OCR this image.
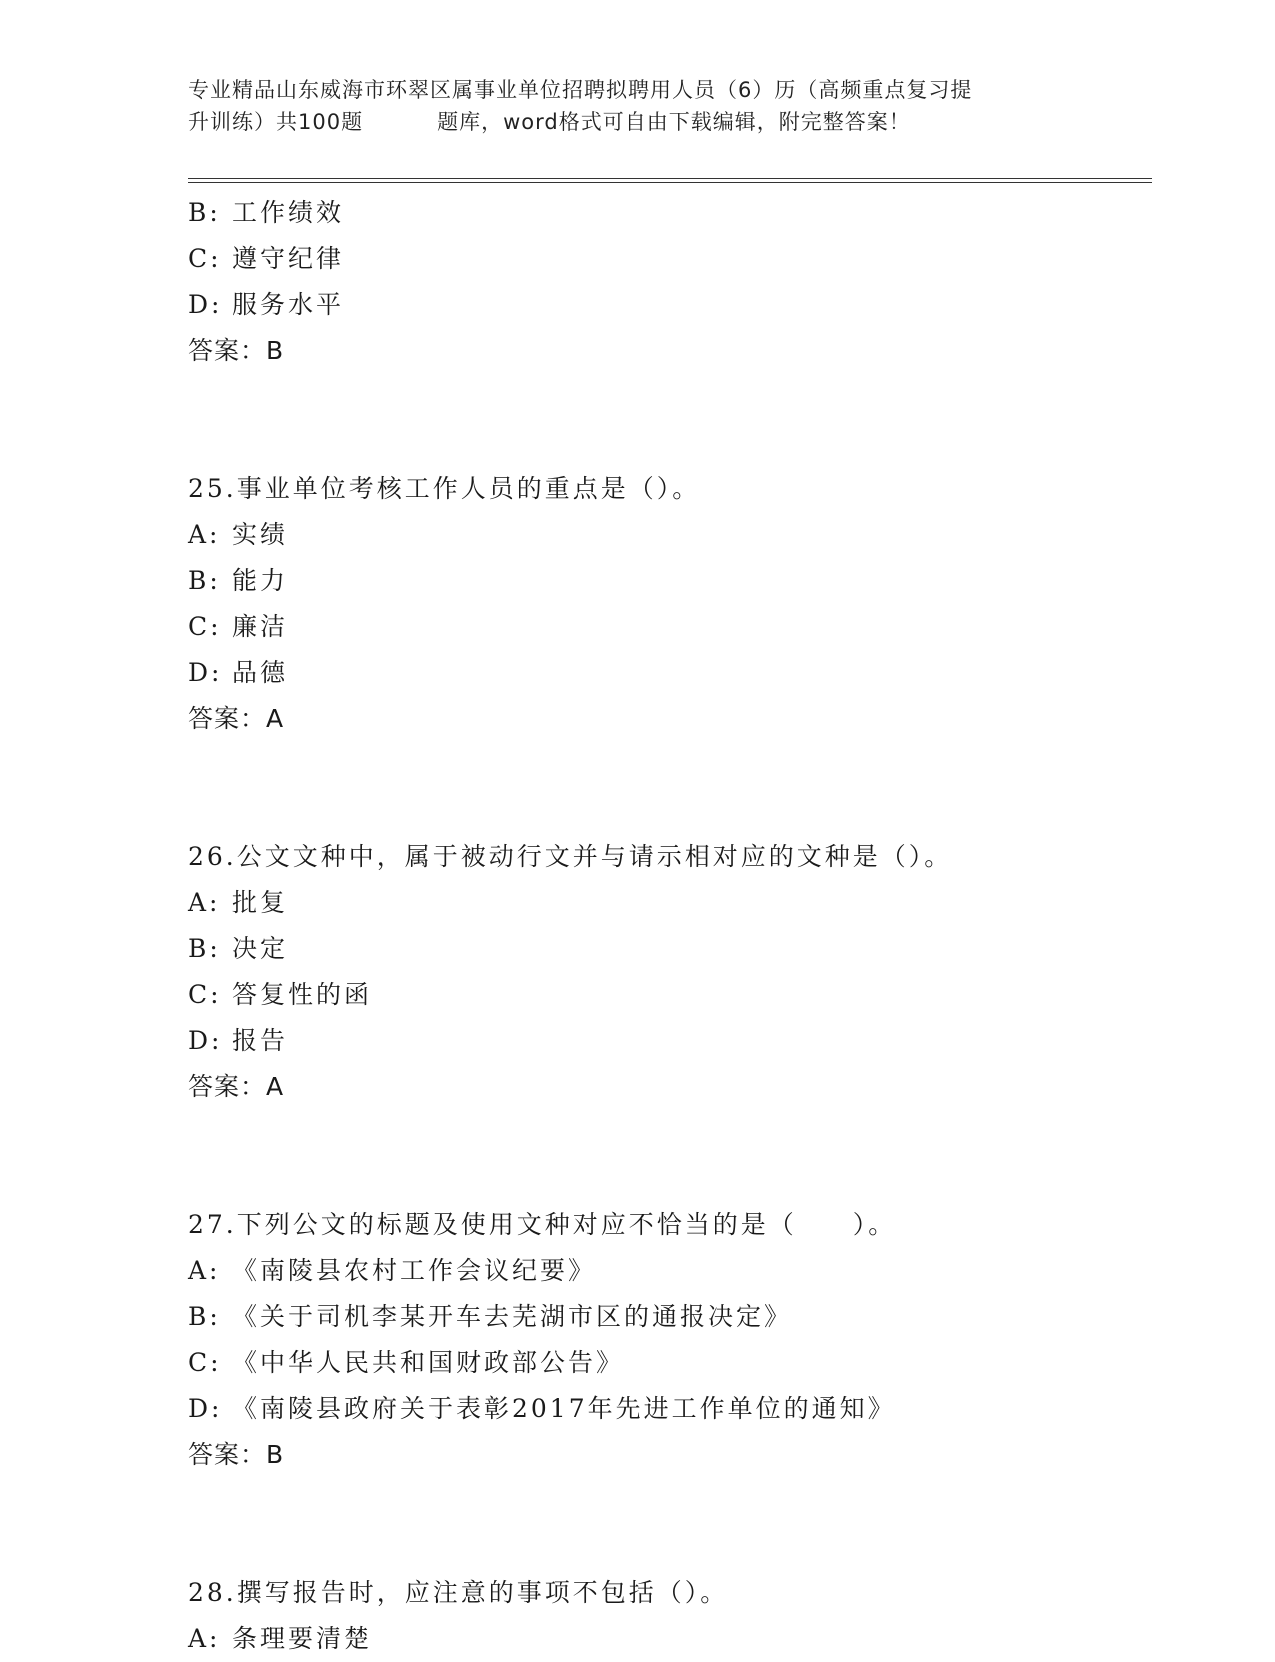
专业精品山东威海市环翠区属事业单位招聘拟聘用人员（6）历（高频重点复习提
升训练）共100题	题库，word格式可自由下载编辑，附完整答案！
B: 工作绩效
C: 遵守纪律
D: 服务水平
答案：B
25.事业单位考核工作人员的重点是（）。
A: 实绩
B: 能力
C: 廉洁
D: 品德
答案：A
26.公文文种中，属于被动行文并与请示相对应的文种是（）。
A: 批复
B: 决定
C: 答复性的函
D: 报告
答案：A
27.下列公文的标题及使用文种对应不恰当的是（　　）。
A: 《南陵县农村工作会议纪要》
B: 《关于司机李某开车去芜湖市区的通报决定》
C: 《中华人民共和国财政部公告》
D: 《南陵县政府关于表彰2017年先进工作单位的通知》
答案：B
28.撰写报告时，应注意的事项不包括（）。
A: 条理要清楚
